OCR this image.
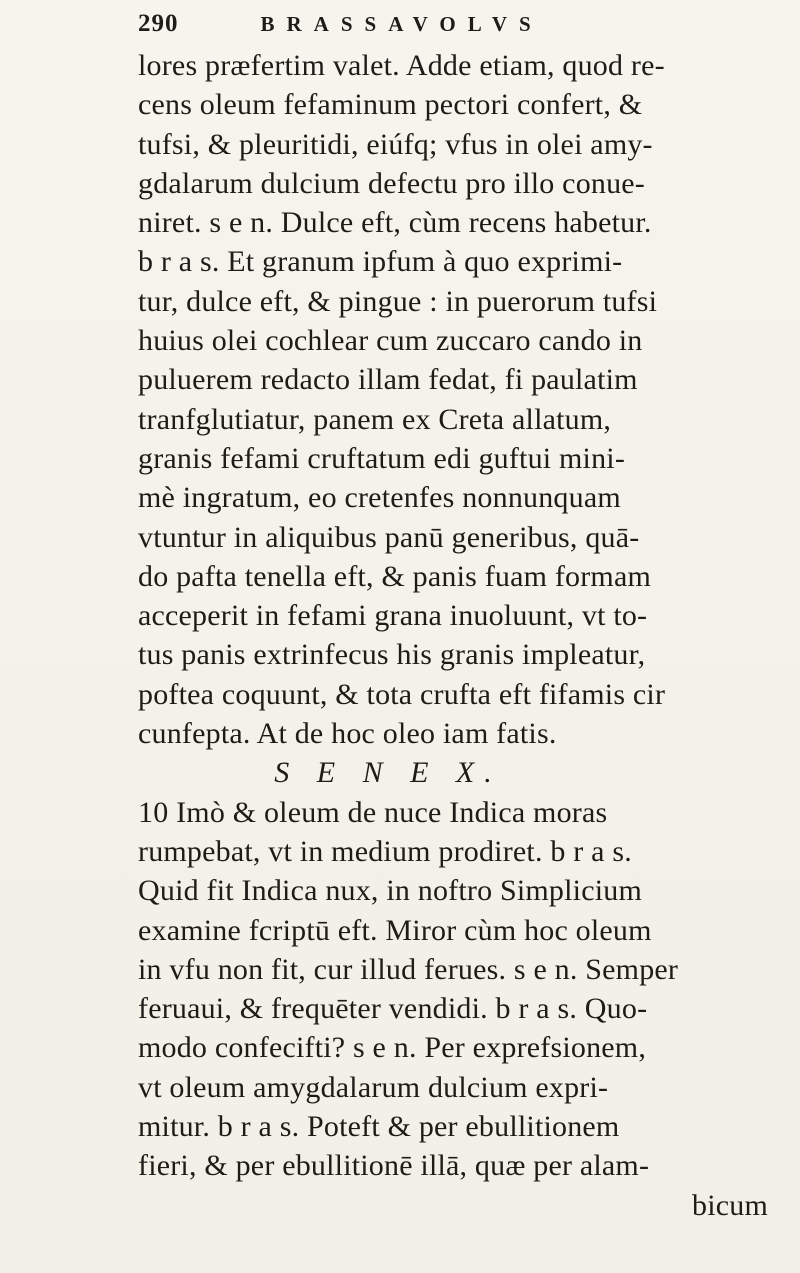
290	BRASSAVOLVS
lores præfertim valet. Adde etiam, quod re-
cens oleum fefaminum pectori confert, &
tufsi, & pleuritidi, eiúfq; vfus in olei amy-
gdalarum dulcium defectu pro illo conue-
niret. s e n. Dulce eft, cùm recens habetur.
b r a s. Et granum ipfum à quo exprimi-
tur, dulce eft, & pingue : in puerorum tufsi
huius olei cochlear cum zuccaro cando in
puluerem redacto illam fedat, fi paulatim
tranfglutiatur, panem ex Creta allatum,
granis fefami cruftatum edi guftui mini-
mè ingratum, eo cretenfes nonnunquam
vtuntur in aliquibus panū generibus, quā-
do pafta tenella eft, & panis fuam formam
acceperit in fefami grana inuoluunt, vt to-
tus panis extrinfecus his granis impleatur,
poftea coquunt, & tota crufta eft fifamis cir
cunfepta. At de hoc oleo iam fatis.
S E N E X.
10 Imò & oleum de nuce Indica moras
rumpebat, vt in medium prodiret. b r a s.
Quid fit Indica nux, in noftro Simplicium
examine fcriptū eft. Miror cùm hoc oleum
in vfu non fit, cur illud ferues. s e n. Semper
feruaui, & frequēter vendidi. b r a s. Quo-
modo confecifti? s e n. Per exprefsionem,
vt oleum amygdalarum dulcium expri-
mitur. b r a s. Poteft & per ebullitionem
fieri, & per ebullitionē illā, quæ per alam-
bicum
